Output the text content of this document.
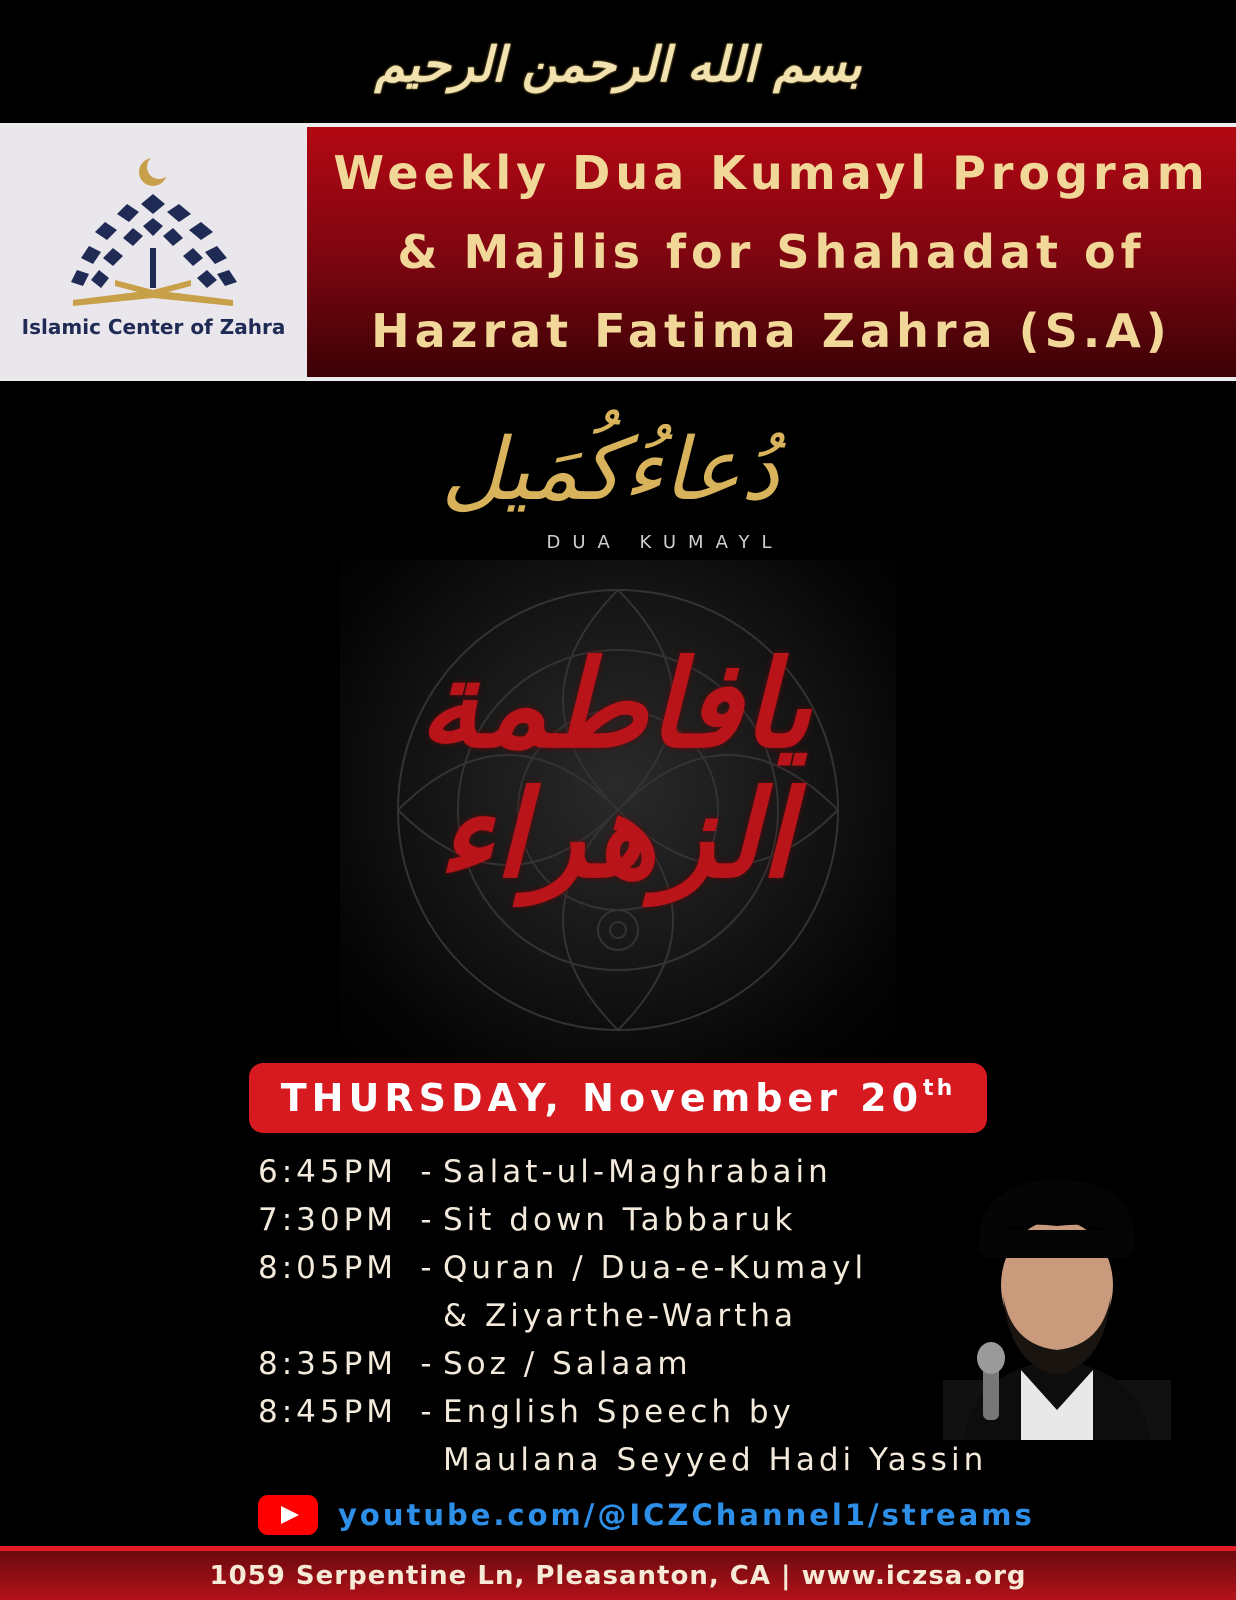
بسم الله الرحمن الرحيم
Islamic Center of Zahra
Weekly Dua Kumayl Program
& Majlis for Shahadat of
Hazrat Fatima Zahra (S.A)
دُعاءُكُمَيل
DUA KUMAYL
يافاطمة الزهراء
THURSDAY, November 20th
6:45PM - Salat-ul-Maghrabain
7:30PM - Sit down Tabbaruk
8:05PM - Quran / Dua-e-Kumayl
& Ziyarthe-Wartha
8:35PM - Soz / Salaam
8:45PM - English Speech by
Maulana Seyyed Hadi Yassin
youtube.com/@ICZChannel1/streams
1059 Serpentine Ln, Pleasanton, CA | www.iczsa.org
